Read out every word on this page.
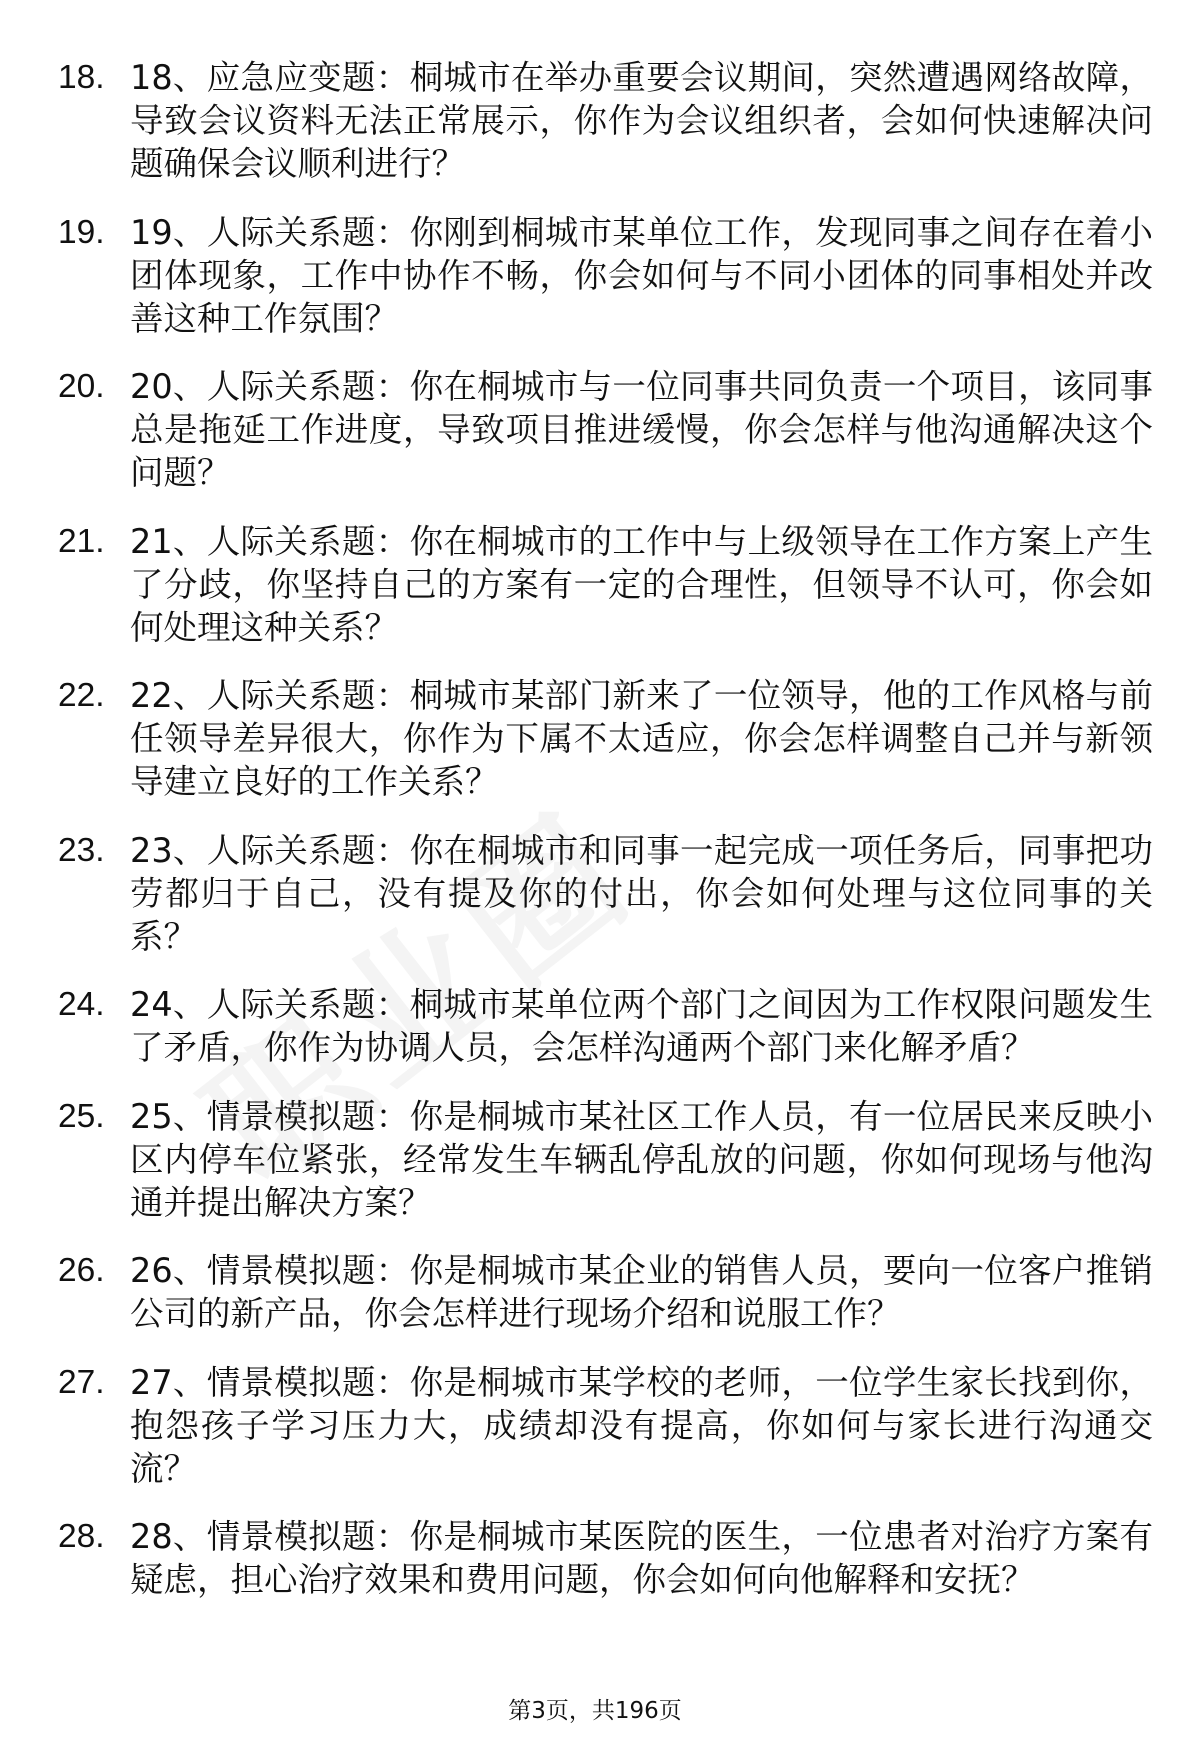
18. 18、应急应变题：桐城市在举办重要会议期间，突然遭遇网络故障，导致会议资料无法正常展示，你作为会议组织者，会如何快速解决问题确保会议顺利进行？
19. 19、人际关系题：你刚到桐城市某单位工作，发现同事之间存在着小团体现象，工作中协作不畅，你会如何与不同小团体的同事相处并改善这种工作氛围？
20. 20、人际关系题：你在桐城市与一位同事共同负责一个项目，该同事总是拖延工作进度，导致项目推进缓慢，你会怎样与他沟通解决这个问题？
21. 21、人际关系题：你在桐城市的工作中与上级领导在工作方案上产生了分歧，你坚持自己的方案有一定的合理性，但领导不认可，你会如何处理这种关系？
22. 22、人际关系题：桐城市某部门新来了一位领导，他的工作风格与前任领导差异很大，你作为下属不太适应，你会怎样调整自己并与新领导建立良好的工作关系？
23. 23、人际关系题：你在桐城市和同事一起完成一项任务后，同事把功劳都归于自己，没有提及你的付出，你会如何处理与这位同事的关系？
24. 24、人际关系题：桐城市某单位两个部门之间因为工作权限问题发生了矛盾，你作为协调人员，会怎样沟通两个部门来化解矛盾？
25. 25、情景模拟题：你是桐城市某社区工作人员，有一位居民来反映小区内停车位紧张，经常发生车辆乱停乱放的问题，你如何现场与他沟通并提出解决方案？
26. 26、情景模拟题：你是桐城市某企业的销售人员，要向一位客户推销公司的新产品，你会怎样进行现场介绍和说服工作？
27. 27、情景模拟题：你是桐城市某学校的老师，一位学生家长找到你，抱怨孩子学习压力大，成绩却没有提高，你如何与家长进行沟通交流？
28. 28、情景模拟题：你是桐城市某医院的医生，一位患者对治疗方案有疑虑，担心治疗效果和费用问题，你会如何向他解释和安抚？
第3页，共196页
